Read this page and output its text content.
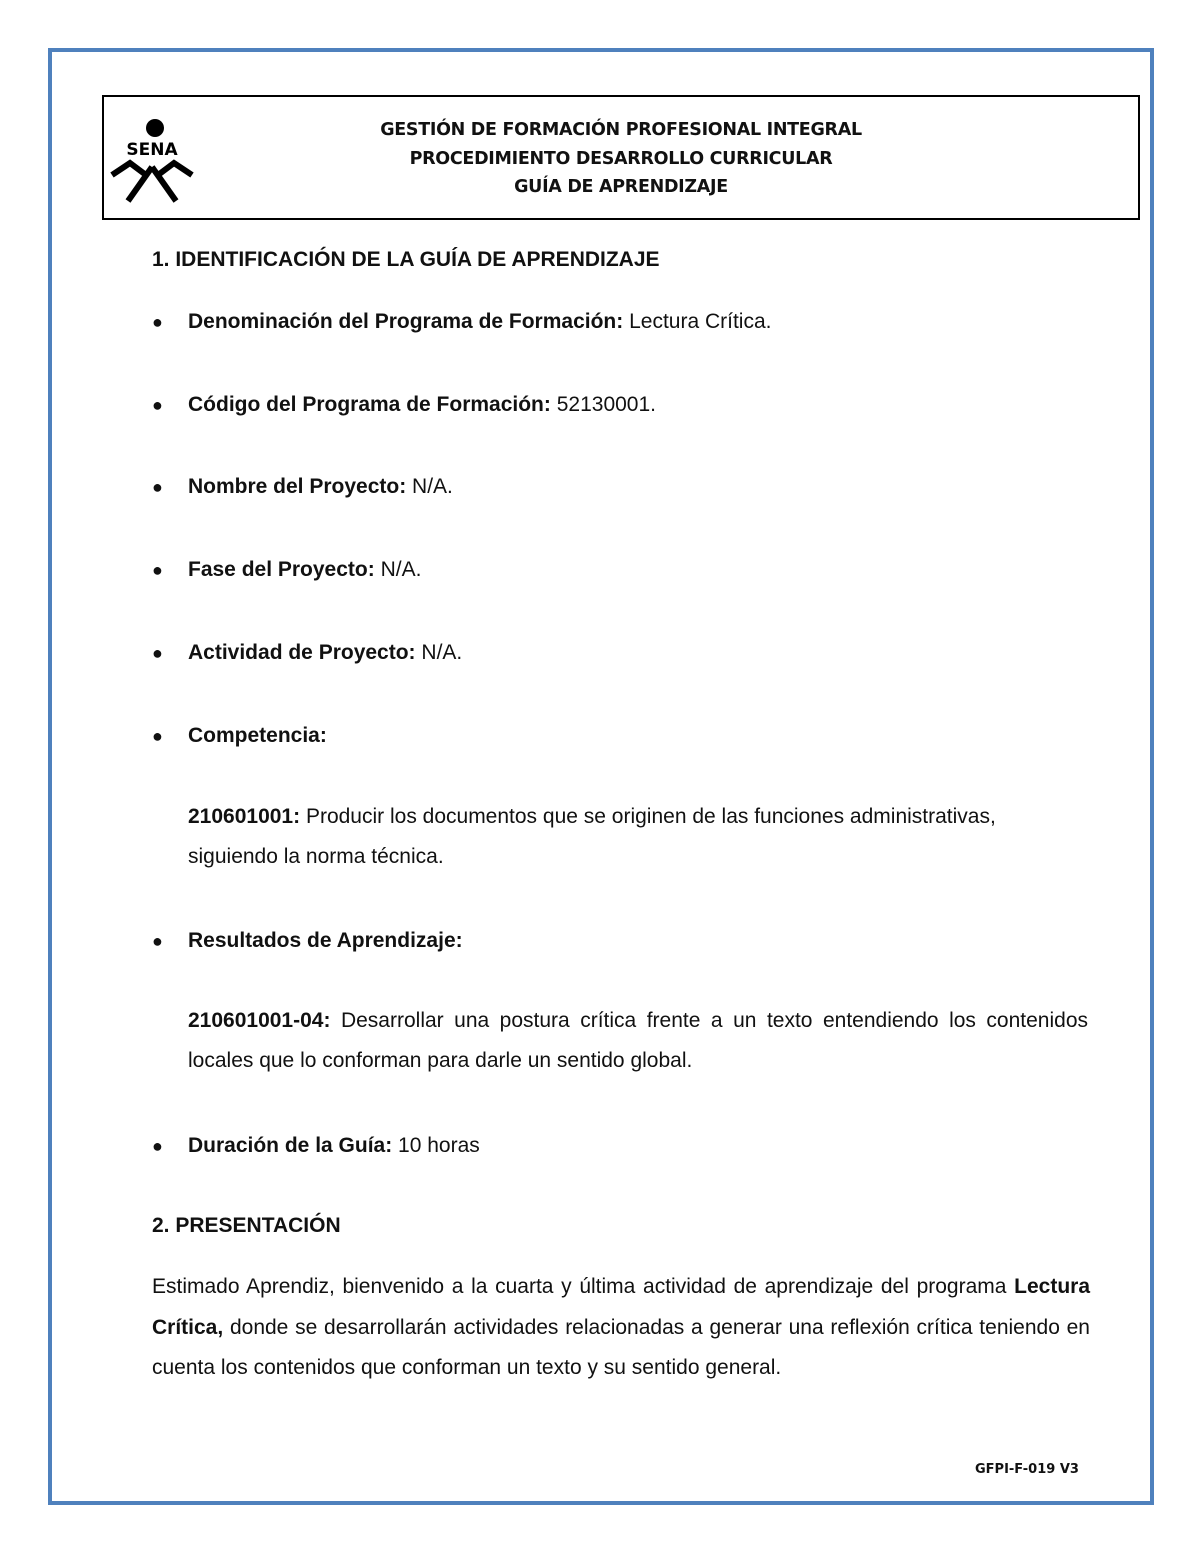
SENA
GESTIÓN DE FORMACIÓN PROFESIONAL INTEGRAL
PROCEDIMIENTO DESARROLLO CURRICULAR
GUÍA DE APRENDIZAJE
1. IDENTIFICACIÓN DE LA GUÍA DE APRENDIZAJE
●	Denominación del Programa de Formación: Lectura Crítica.
●	Código del Programa de Formación: 52130001.
●	Nombre del Proyecto: N/A.
●	Fase del Proyecto: N/A.
●	Actividad de Proyecto: N/A.
●	Competencia:
210601001: Producir los documentos que se originen de las funciones administrativas, siguiendo la norma técnica.
●	Resultados de Aprendizaje:
210601001-04: Desarrollar una postura crítica frente a un texto entendiendo los contenidos locales que lo conforman para darle un sentido global.
●	Duración de la Guía: 10 horas
2. PRESENTACIÓN
Estimado Aprendiz, bienvenido a la cuarta y última actividad de aprendizaje del programa Lectura Crítica, donde se desarrollarán actividades relacionadas a generar una reflexión crítica teniendo en cuenta los contenidos que conforman un texto y su sentido general.
GFPI-F-019 V3
